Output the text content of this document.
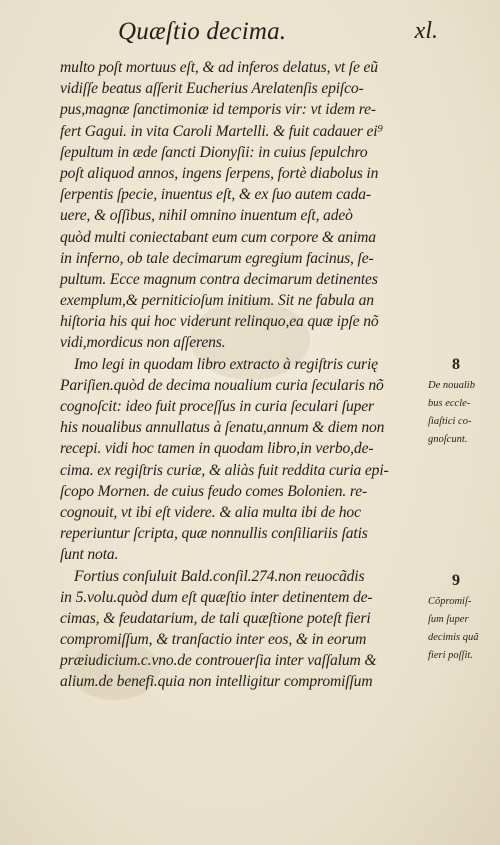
Quæſtio decima.	xl.
multo poſt mortuus eſt, & ad inferos delatus, vt ſe eũ
vidiſſe beatus aſſerit Eucherius Arelatenſis epiſco-
pus,magnæ ſanctimoniæ id temporis vir: vt idem re-
fert Gagui. in vita Caroli Martelli. & fuit cadauer ei⁹
ſepultum in æde ſancti Dionyſii: in cuius ſepulchro
poſt aliquod annos, ingens ſerpens, fortè diabolus in
ſerpentis ſpecie, inuentus eſt, & ex ſuo autem cada-
uere, & oſſibus, nihil omnino inuentum eſt, adeò
quòd multi coniectabant eum cum corpore & anima
in inferno, ob tale decimarum egregium facinus, ſe-
pultum. Ecce magnum contra decimarum detinentes
exemplum,& perniticioſum initium. Sit ne fabula an
hiſtoria his qui hoc viderunt relinquo,ea quæ ipſe nõ
vidi,mordicus non aſſerens.
Imo legi in quodam libro extracto à regiſtris curię
Pariſien.quòd de decima noualium curia ſecularis nõ
cognoſcit: ideo fuit proceſſus in curia ſeculari ſuper
his noualibus annullatus à ſenatu,annum & diem non
recepi. vidi hoc tamen in quodam libro,in verbo,de-
cima. ex regiſtris curiæ, & aliàs fuit reddita curia epi-
ſcopo Mornen. de cuius feudo comes Bolonien. re-
cognouit, vt ibi eſt videre. & alia multa ibi de hoc
reperiuntur ſcripta, quæ nonnullis conſiliariis ſatis
ſunt nota.
Fortius conſuluit Bald.conſil.274.non reuocãdis
in 5.volu.quòd dum eſt quæſtio inter detinentem de-
cimas, & feudatarium, de tali quæſtione poteſt fieri
compromiſſum, & tranſactio inter eos, & in eorum
præiudicium.c.vno.de controuerſia inter vaſſalum &
alium.de benefi.quia non intelligitur compromiſſum
8
De noualib
bus eccle-
ſiaſtici co-
gnoſcunt.
9
Cõpromiſ-
ſum ſuper
decimis quã
fieri poſſit.
